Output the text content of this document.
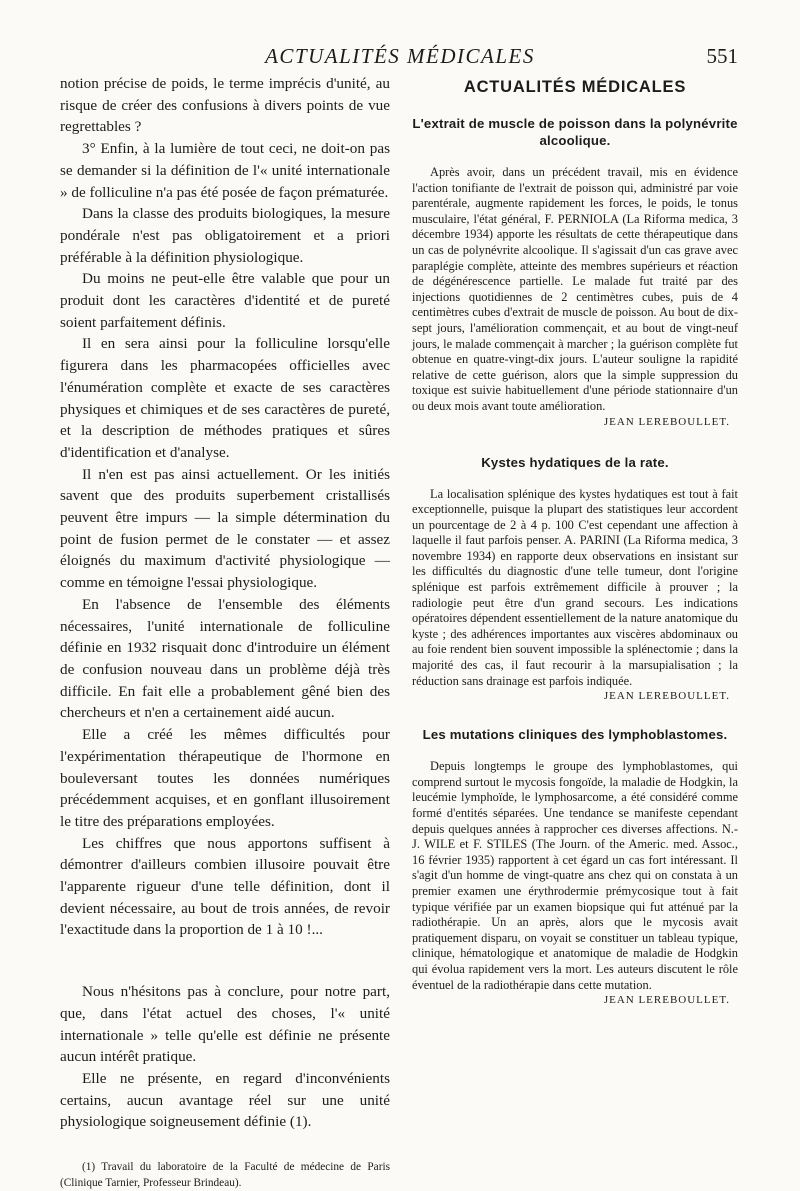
ACTUALITÉS MÉDICALES	551

notion précise de poids, le terme imprécis d'unité, au risque de créer des confusions à divers points de vue regrettables ?

3° Enfin, à la lumière de tout ceci, ne doit-on pas se demander si la définition de l'« unité internationale » de folliculine n'a pas été posée de façon prématurée.

Dans la classe des produits biologiques, la mesure pondérale n'est pas obligatoirement et a priori préférable à la définition physiologique.

Du moins ne peut-elle être valable que pour un produit dont les caractères d'identité et de pureté soient parfaitement définis.

Il en sera ainsi pour la folliculine lorsqu'elle figurera dans les pharmacopées officielles avec l'énumération complète et exacte de ses caractères physiques et chimiques et de ses caractères de pureté, et la description de méthodes pratiques et sûres d'identification et d'analyse.

Il n'en est pas ainsi actuellement. Or les initiés savent que des produits superbement cristallisés peuvent être impurs — la simple détermination du point de fusion permet de le constater — et assez éloignés du maximum d'activité physiologique — comme en témoigne l'essai physiologique.

En l'absence de l'ensemble des éléments nécessaires, l'unité internationale de folliculine définie en 1932 risquait donc d'introduire un élément de confusion nouveau dans un problème déjà très difficile. En fait elle a probablement gêné bien des chercheurs et n'en a certainement aidé aucun.

Elle a créé les mêmes difficultés pour l'expérimentation thérapeutique de l'hormone en bouleversant toutes les données numériques précédemment acquises, et en gonflant illusoirement le titre des préparations employées.

Les chiffres que nous apportons suffisent à démontrer d'ailleurs combien illusoire pouvait être l'apparente rigueur d'une telle définition, dont il devient nécessaire, au bout de trois années, de revoir l'exactitude dans la proportion de 1 à 10 !...

Nous n'hésitons pas à conclure, pour notre part, que, dans l'état actuel des choses, l'« unité internationale » telle qu'elle est définie ne présente aucun intérêt pratique.

Elle ne présente, en regard d'inconvénients certains, aucun avantage réel sur une unité physiologique soigneusement définie (1).

(1) Travail du laboratoire de la Faculté de médecine de Paris (Clinique Tarnier, Professeur Brindeau).

ACTUALITÉS MÉDICALES
L'extrait de muscle de poisson dans la polynévrite alcoolique.

Après avoir, dans un précédent travail, mis en évidence l'action tonifiante de l'extrait de poisson qui, administré par voie parentérale, augmente rapidement les forces, le poids, le tonus musculaire, l'état général, F. PERNIOLA (La Riforma medica, 3 décembre 1934) apporte les résultats de cette thérapeutique dans un cas de polynévrite alcoolique. Il s'agissait d'un cas grave avec paraplégie complète, atteinte des membres supérieurs et réaction de dégénérescence partielle. Le malade fut traité par des injections quotidiennes de 2 centimètres cubes, puis de 4 centimètres cubes d'extrait de muscle de poisson. Au bout de dix-sept jours, l'amélioration commençait, et au bout de vingt-neuf jours, le malade commençait à marcher ; la guérison complète fut obtenue en quatre-vingt-dix jours. L'auteur souligne la rapidité relative de cette guérison, alors que la simple suppression du toxique est suivie habituellement d'une période stationnaire d'un ou deux mois avant toute amélioration.

JEAN LEREBOULLET.
Kystes hydatiques de la rate.

La localisation splénique des kystes hydatiques est tout à fait exceptionnelle, puisque la plupart des statistiques leur accordent un pourcentage de 2 à 4 p. 100 C'est cependant une affection à laquelle il faut parfois penser. A. PARINI (La Riforma medica, 3 novembre 1934) en rapporte deux observations en insistant sur les difficultés du diagnostic d'une telle tumeur, dont l'origine splénique est parfois extrêmement difficile à prouver ; la radiologie peut être d'un grand secours. Les indications opératoires dépendent essentiellement de la nature anatomique du kyste ; des adhérences importantes aux viscères abdominaux ou au foie rendent bien souvent impossible la splénectomie ; dans la majorité des cas, il faut recourir à la marsupialisation ; la réduction sans drainage est parfois indiquée.

JEAN LEREBOULLET.
Les mutations cliniques des lymphoblastomes.

Depuis longtemps le groupe des lymphoblastomes, qui comprend surtout le mycosis fongoïde, la maladie de Hodgkin, la leucémie lymphoïde, le lymphosarcome, a été considéré comme formé d'entités séparées. Une tendance se manifeste cependant depuis quelques années à rapprocher ces diverses affections. N.-J. WILE et F. STILES (The Journ. of the Americ. med. Assoc., 16 février 1935) rapportent à cet égard un cas fort intéressant. Il s'agit d'un homme de vingt-quatre ans chez qui on constata à un premier examen une érythrodermie prémycosique tout à fait typique vérifiée par un examen biopsique qui fut atténué par la radiothérapie. Un an après, alors que le mycosis avait pratiquement disparu, on voyait se constituer un tableau typique, clinique, hématologique et anatomique de maladie de Hodgkin qui évolua rapidement vers la mort. Les auteurs discutent le rôle éventuel de la radiothérapie dans cette mutation.

JEAN LEREBOULLET.
